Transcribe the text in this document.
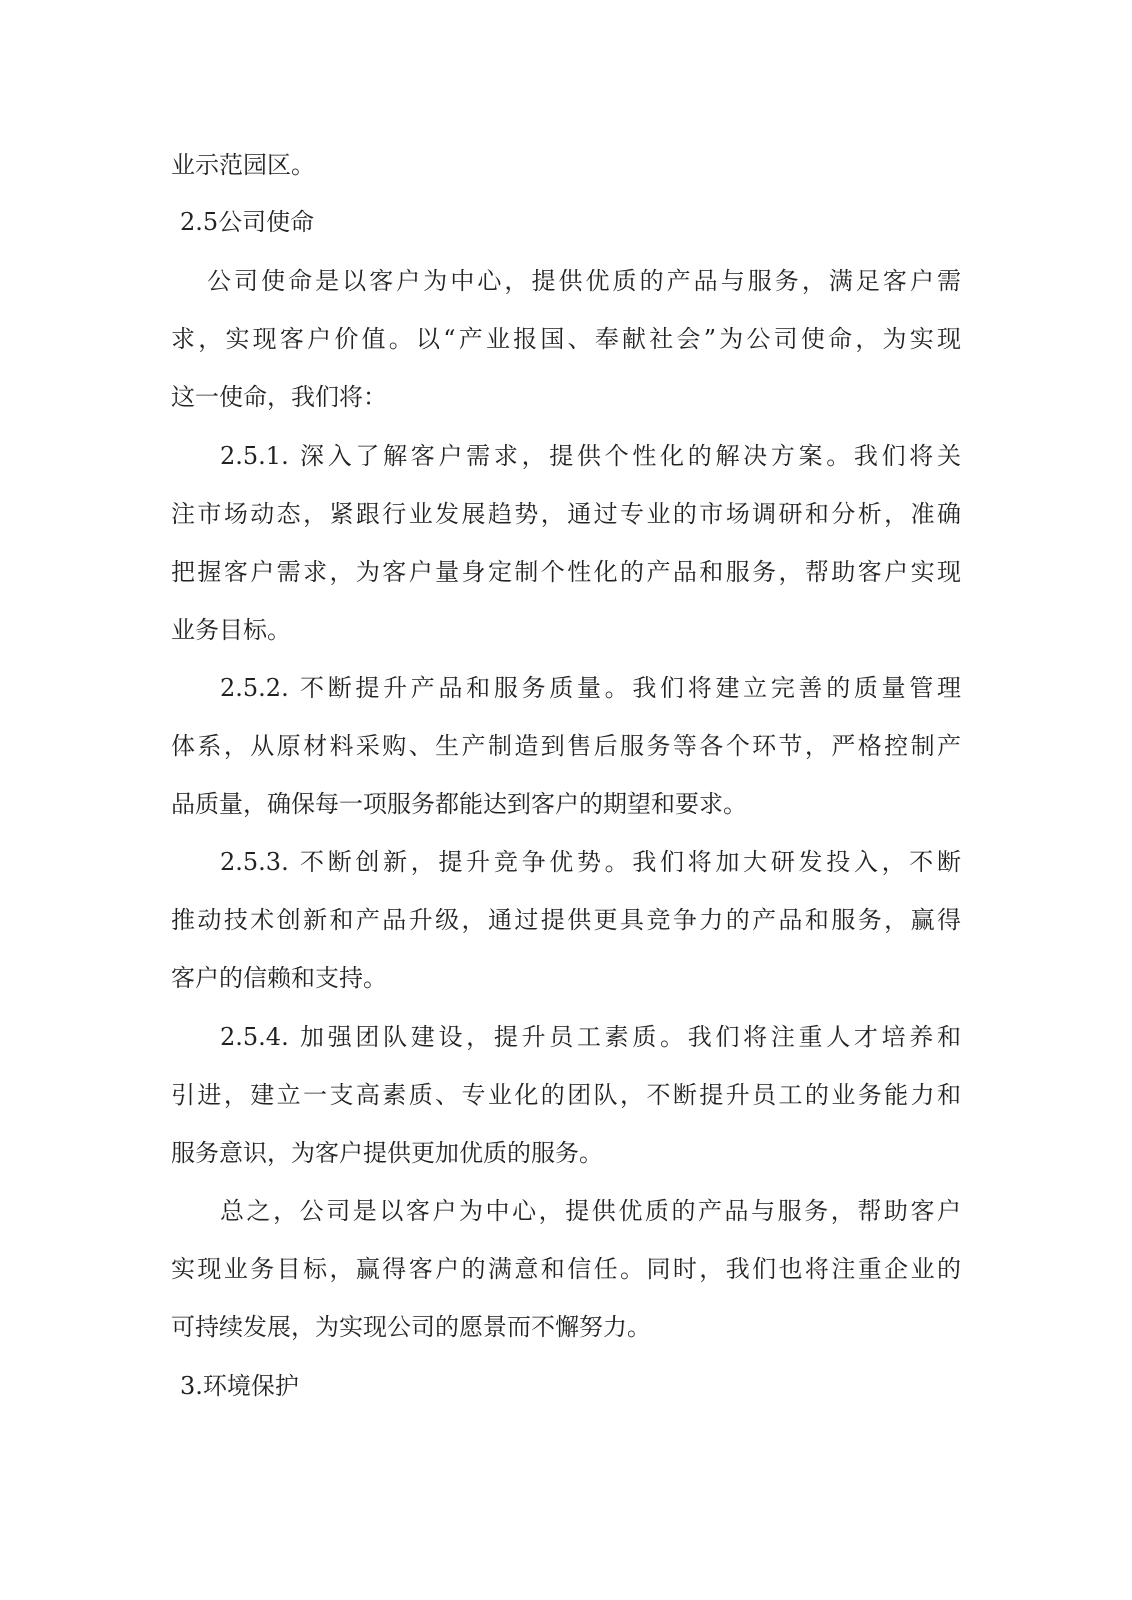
业示范园区。
2.5公司使命
公司使命是以客户为中心，提供优质的产品与服务，满足客户需
求，实现客户价值。以“产业报国、奉献社会”为公司使命，为实现
这一使命，我们将：
2.5.1. 深入了解客户需求，提供个性化的解决方案。我们将关
注市场动态，紧跟行业发展趋势，通过专业的市场调研和分析，准确
把握客户需求，为客户量身定制个性化的产品和服务，帮助客户实现
业务目标。
2.5.2. 不断提升产品和服务质量。我们将建立完善的质量管理
体系，从原材料采购、生产制造到售后服务等各个环节，严格控制产
品质量，确保每一项服务都能达到客户的期望和要求。
2.5.3. 不断创新，提升竞争优势。我们将加大研发投入，不断
推动技术创新和产品升级，通过提供更具竞争力的产品和服务，赢得
客户的信赖和支持。
2.5.4. 加强团队建设，提升员工素质。我们将注重人才培养和
引进，建立一支高素质、专业化的团队，不断提升员工的业务能力和
服务意识，为客户提供更加优质的服务。
总之，公司是以客户为中心，提供优质的产品与服务，帮助客户
实现业务目标，赢得客户的满意和信任。同时，我们也将注重企业的
可持续发展，为实现公司的愿景而不懈努力。
3.环境保护
